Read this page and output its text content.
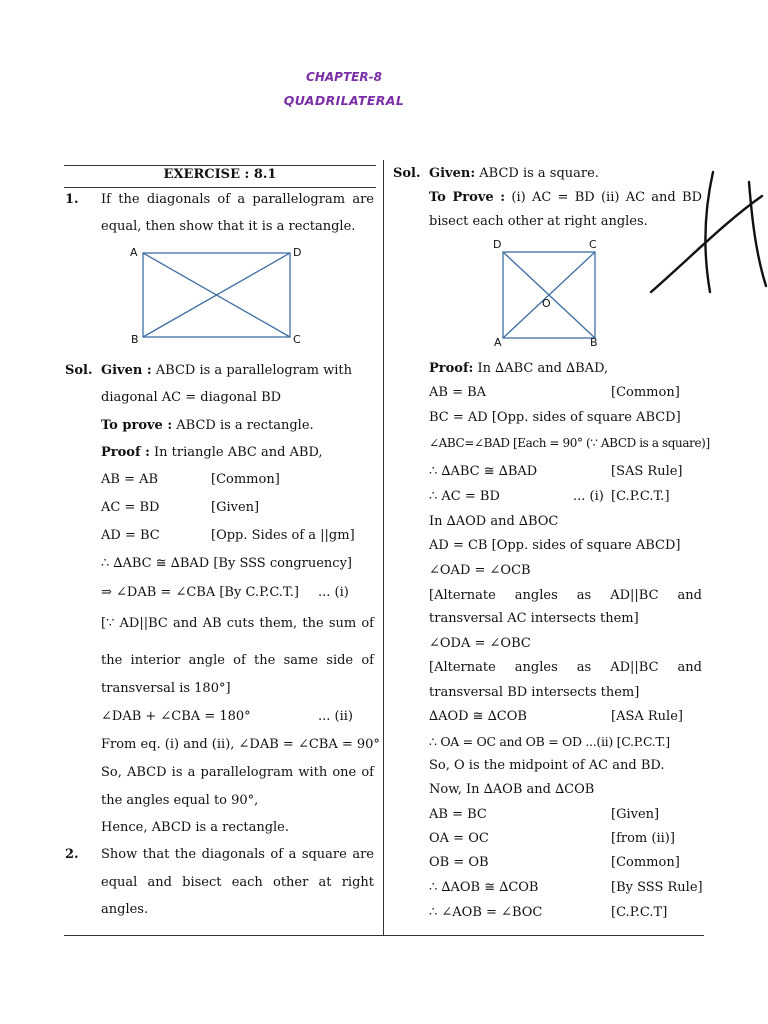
CHAPTER-8
QUADRILATERAL
EXERCISE : 8.1
1. If the diagonals of a parallelogram are
equal, then show that it is a rectangle.
A	D
B	C
Sol. Given : ABCD is a parallelogram with
diagonal AC = diagonal BD
To prove : ABCD is a rectangle.
Proof : In triangle ABC and ABD,
AB = AB	[Common]
AC = BD	[Given]
AD = BC	[Opp. Sides of a ||gm]
∴ ∆ABC ≅ ∆BAD [By SSS congruency]
⇒ ∠DAB = ∠CBA [By C.P.C.T.] ... (i)
[∵ AD||BC and AB cuts them, the sum of
the interior angle of the same side of
transversal is 180°]
∠DAB + ∠CBA = 180°	... (ii)
From eq. (i) and (ii), ∠DAB = ∠CBA = 90°
So, ABCD is a parallelogram with one of
the angles equal to 90°,
Hence, ABCD is a rectangle.
2. Show that the diagonals of a square are
equal and bisect each other at right
angles.
Sol. Given: ABCD is a square.
To Prove : (i) AC = BD (ii) AC and BD
bisect each other at right angles.
D	C
O
A	B
Proof: In ∆ABC and ∆BAD,
AB = BA	[Common]
BC = AD [Opp. sides of square ABCD]
∠ABC=∠BAD [Each = 90° (∵ ABCD is a square)]
∴ ∆ABC ≅ ∆BAD	[SAS Rule]
∴ AC = BD	... (i) [C.P.C.T.]
In ∆AOD and ∆BOC
AD = CB [Opp. sides of square ABCD]
∠OAD = ∠OCB
[Alternate angles as AD||BC and
transversal AC intersects them]
∠ODA = ∠OBC
[Alternate angles as AD||BC and
transversal BD intersects them]
∆AOD ≅ ∆COB	[ASA Rule]
∴ OA = OC and OB = OD ...(ii) [C.P.C.T.]
So, O is the midpoint of AC and BD.
Now, In ∆AOB and ∆COB
AB = BC	[Given]
OA = OC	[from (ii)]
OB = OB	[Common]
∴ ∆AOB ≅ ∆COB	[By SSS Rule]
∴ ∠AOB = ∠BOC	[C.P.C.T]
